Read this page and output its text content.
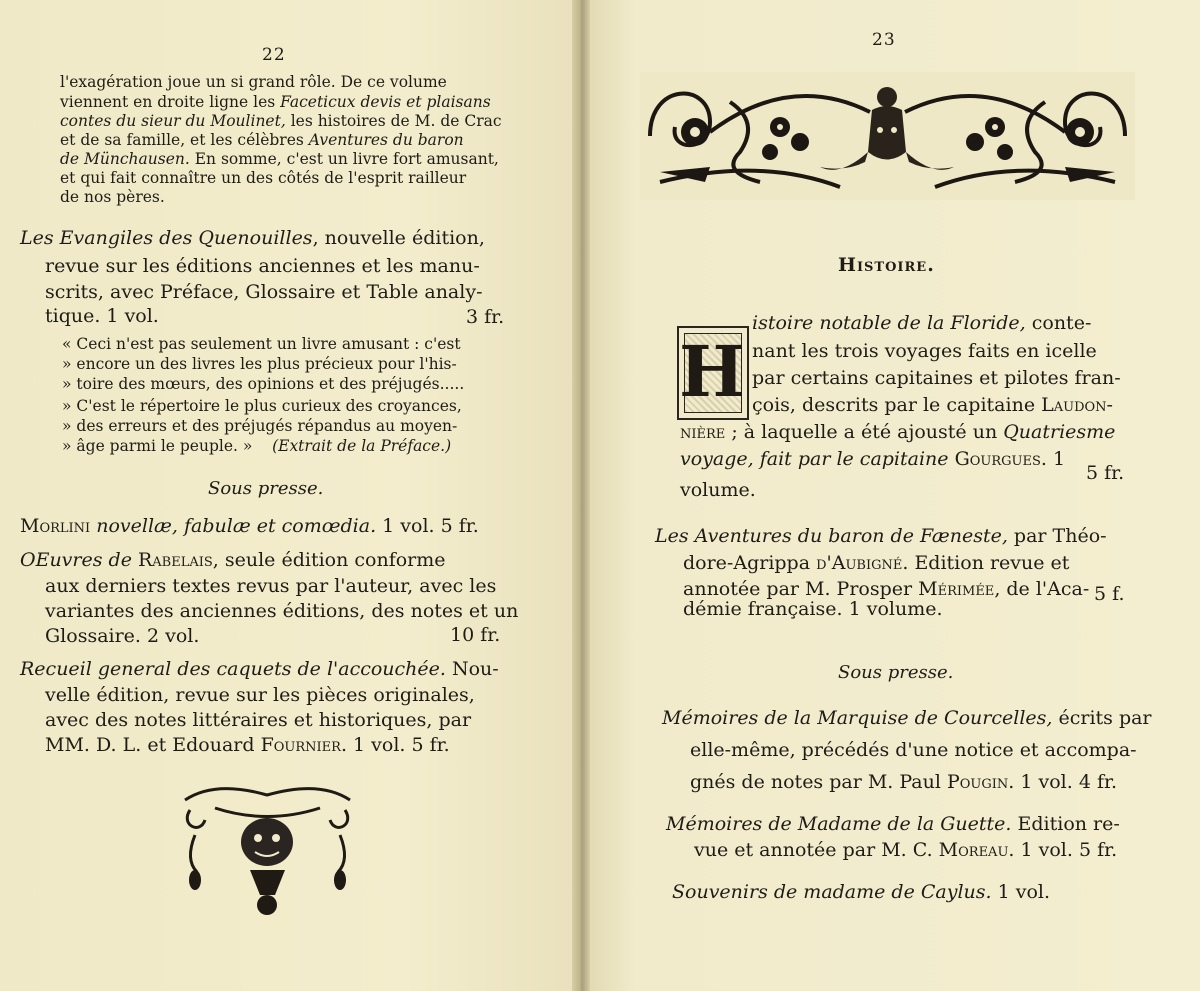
22
l'exagération joue un si grand rôle. De ce volume
viennent en droite ligne les Faceticux devis et plaisans
contes du sieur du Moulinet, les histoires de M. de Crac
et de sa famille, et les célèbres Aventures du baron
de Münchausen. En somme, c'est un livre fort amusant,
et qui fait connaître un des côtés de l'esprit railleur
de nos pères.
Les Evangiles des Quenouilles, nouvelle édition,
revue sur les éditions anciennes et les manu-
scrits, avec Préface, Glossaire et Table analy-
tique. 1 vol.	3 fr.
« Ceci n'est pas seulement un livre amusant : c'est
» encore un des livres les plus précieux pour l'his-
» toire des mœurs, des opinions et des préjugés.....
» C'est le répertoire le plus curieux des croyances,
» des erreurs et des préjugés répandus au moyen-
» âge parmi le peuple. » (Extrait de la Préface.)
Sous presse.
Morlini novellæ, fabulæ et comœdia. 1 vol. 5 fr.
OEuvres de Rabelais, seule édition conforme
aux derniers textes revus par l'auteur, avec les
variantes des anciennes éditions, des notes et un
Glossaire. 2 vol.	10 fr.
Recueil general des caquets de l'accouchée. Nou-
velle édition, revue sur les pièces originales,
avec des notes littéraires et historiques, par
MM. D. L. et Edouard Fournier. 1 vol. 5 fr.
23
Histoire.
H
istoire notable de la Floride, conte-
nant les trois voyages faits en icelle
par certains capitaines et pilotes fran-
çois, descrits par le capitaine Laudon-
nière ; à laquelle a été ajousté un Quatriesme
voyage, fait par le capitaine Gourgues. 1
volume.
5 fr.
Les Aventures du baron de Fæneste, par Théo-
dore-Agrippa d'Aubigné. Edition revue et
annotée par M. Prosper Mérimée, de l'Aca-
démie française. 1 volume.
5 f.
Sous presse.
Mémoires de la Marquise de Courcelles, écrits par
elle-même, précédés d'une notice et accompa-
gnés de notes par M. Paul Pougin. 1 vol. 4 fr.
Mémoires de Madame de la Guette. Edition re-
vue et annotée par M. C. Moreau. 1 vol. 5 fr.
Souvenirs de madame de Caylus. 1 vol.
